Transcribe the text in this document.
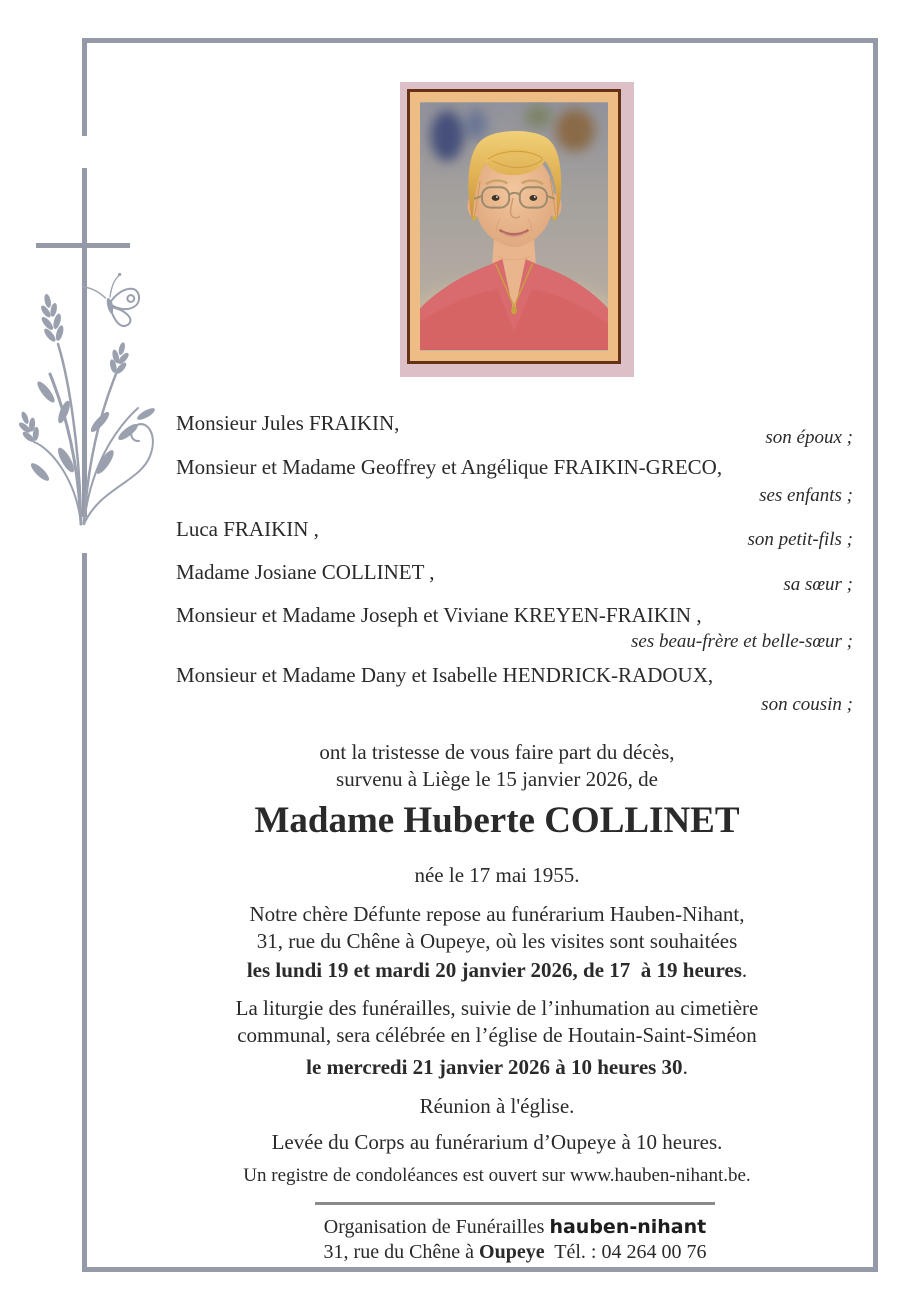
Monsieur Jules FRAIKIN,
son époux ;
Monsieur et Madame Geoffrey et Angélique FRAIKIN-GRECO,
ses enfants ;
Luca FRAIKIN ,	son petit-fils ;
Madame Josiane COLLINET ,
sa sœur ;
Monsieur et Madame Joseph et Viviane KREYEN-FRAIKIN ,
ses beau-frère et belle-sœur ;
Monsieur et Madame Dany et Isabelle HENDRICK-RADOUX,
son cousin ;
ont la tristesse de vous faire part du décès,
survenu à Liège le 15 janvier 2026, de
Madame Huberte COLLINET
née le 17 mai 1955.
Notre chère Défunte repose au funérarium Hauben-Nihant,
31, rue du Chêne à Oupeye, où les visites sont souhaitées
les lundi 19 et mardi 20 janvier 2026, de 17  à 19 heures.
La liturgie des funérailles, suivie de l’inhumation au cimetière
communal, sera célébrée en l’église de Houtain-Saint-Siméon
le mercredi 21 janvier 2026 à 10 heures 30.
Réunion à l'église.
Levée du Corps au funérarium d’Oupeye à 10 heures.
Un registre de condoléances est ouvert sur www.hauben-nihant.be.
Organisation de Funérailles hauben-nihant
31, rue du Chêne à Oupeye  Tél. : 04 264 00 76
